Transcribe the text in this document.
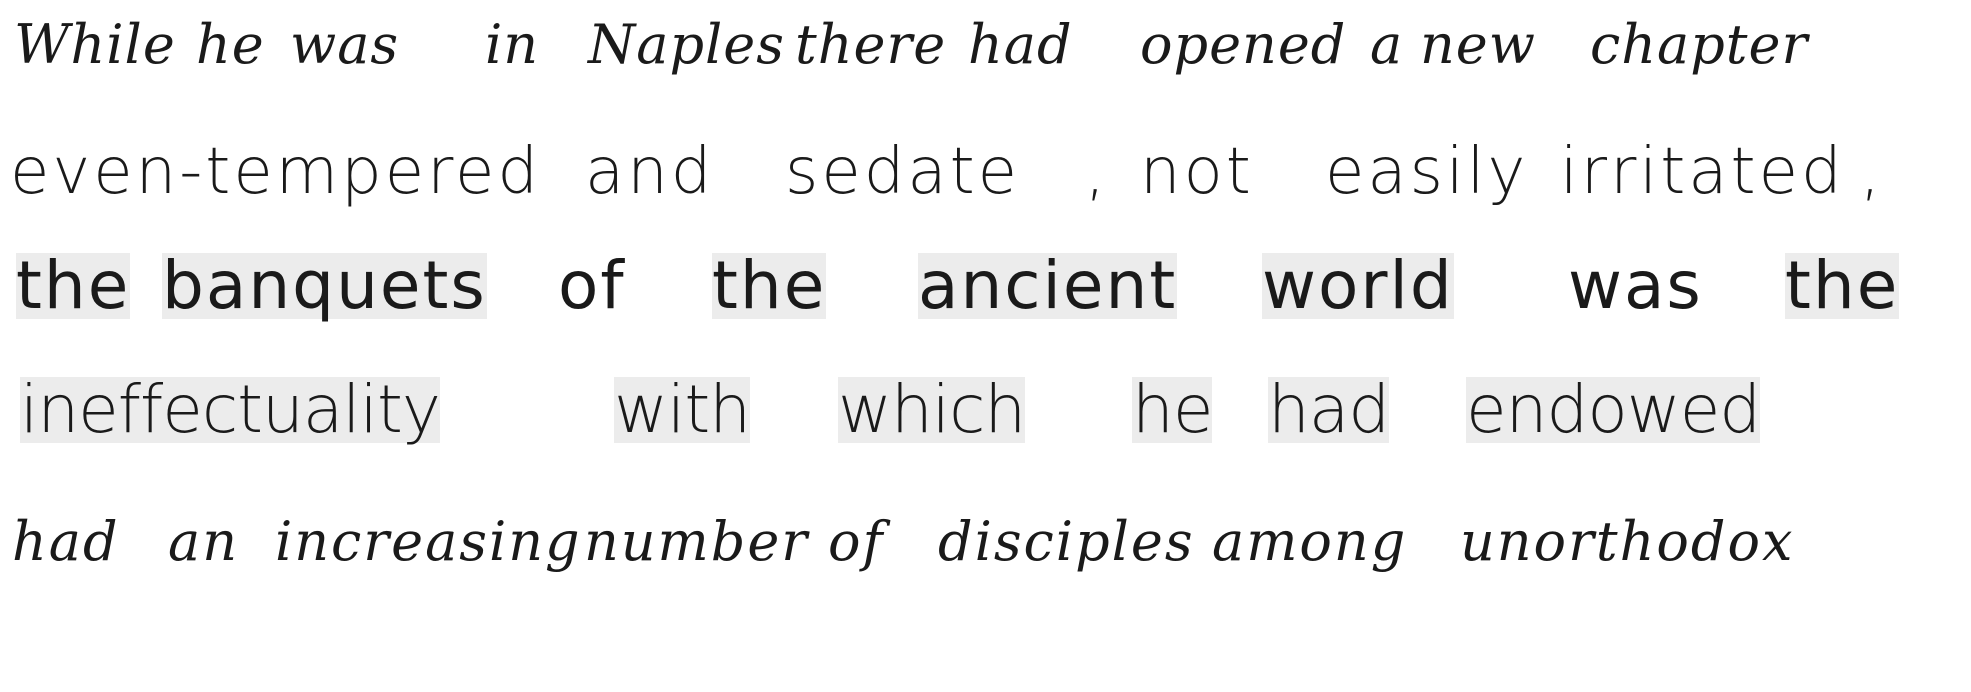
While he was in Naples there had opened a new chapter
even-tempered and sedate , not easily irritated ,
the banquets of the ancient world was the
ineffectuality	with which he had endowed
had an increasing number of disciples among unorthodox
